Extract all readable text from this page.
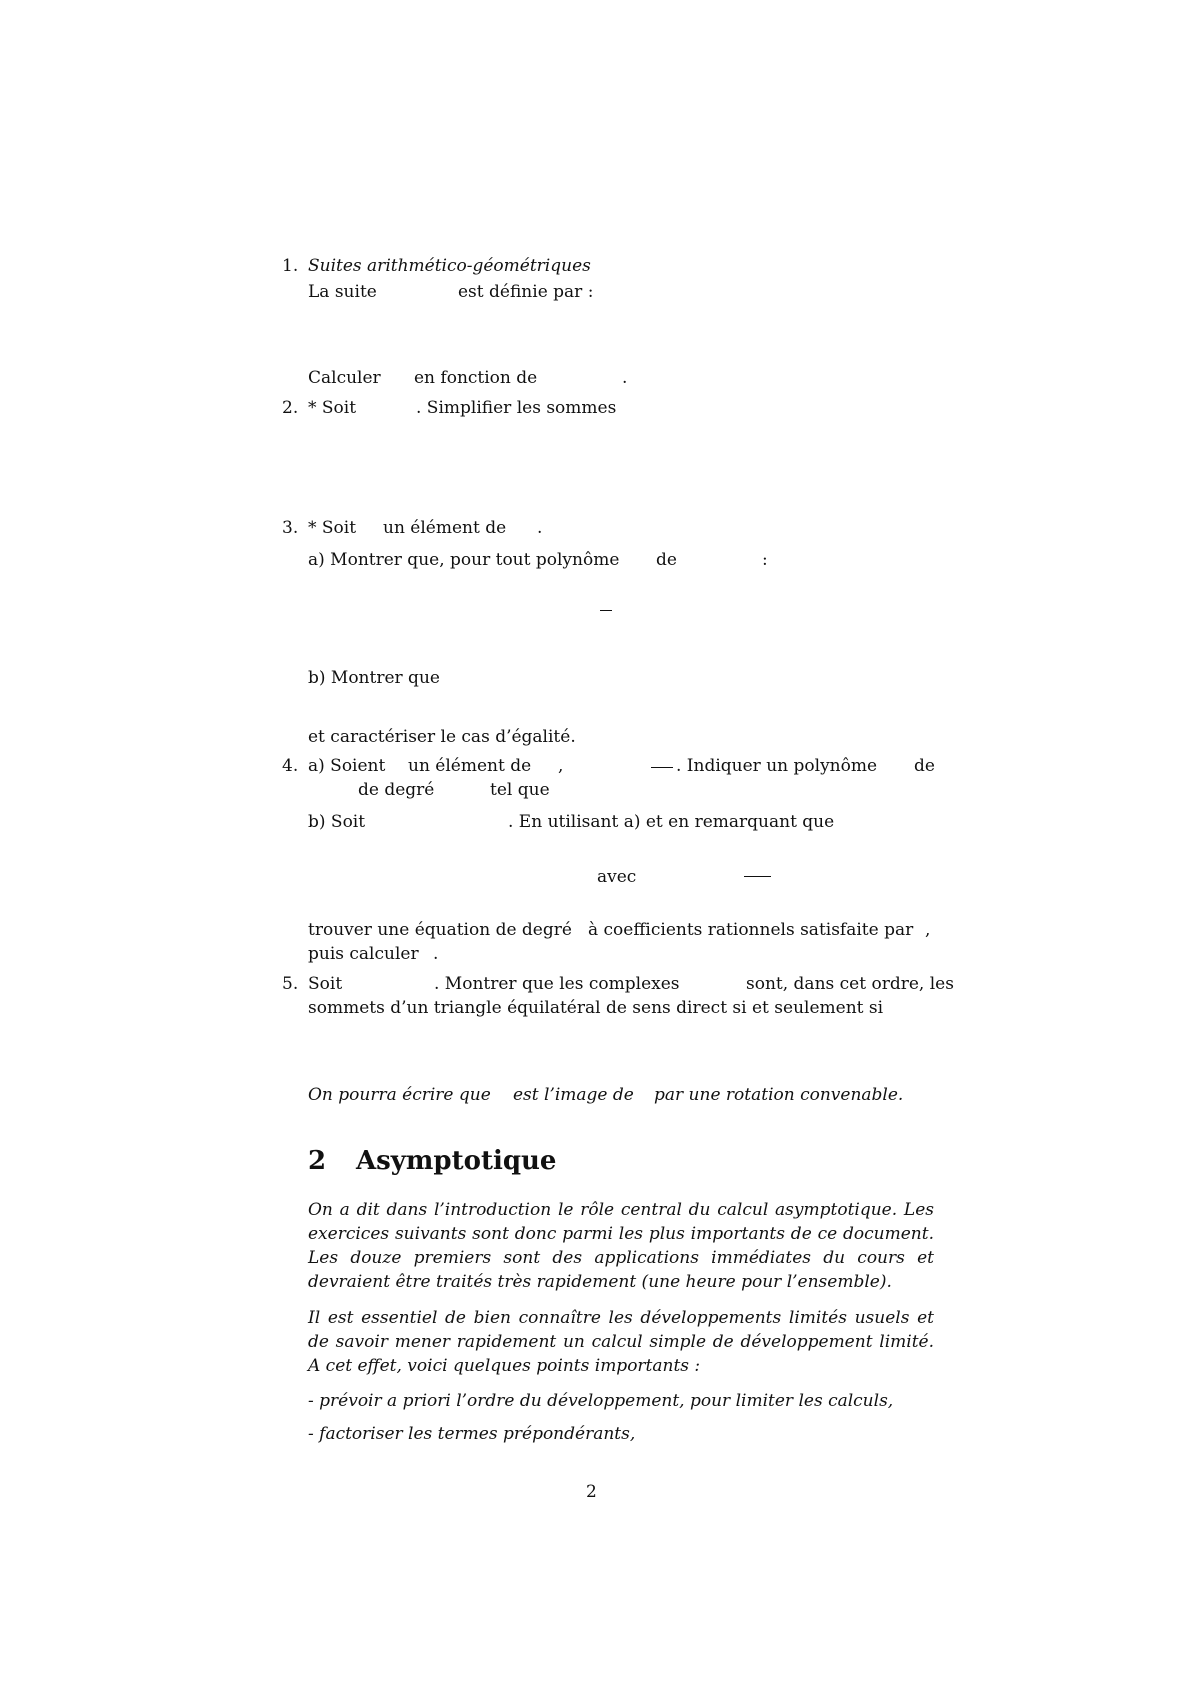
1. Suites arithmético-géométriques
La suite	est définie par :
Calculer en fonction de	.
2. * Soit	. Simplifier les sommes
3. * Soit un élément de .
a) Montrer que, pour tout polynôme de	:
b) Montrer que
et caractériser le cas d’égalité.
4. a) Soient un élément de ,	. Indiquer un polynôme de
de degré	tel que
b) Soit	. En utilisant a) et en remarquant que
avec
trouver une équation de degré à coefficients rationnels satisfaite par ,
puis calculer .
5. Soit	. Montrer que les complexes	sont, dans cet ordre, les
sommets d’un triangle équilatéral de sens direct si et seulement si
On pourra écrire que est l’image de par une rotation convenable.
2 Asymptotique
On a dit dans l’introduction le rôle central du calcul asymptotique. Les exercices suivants sont donc parmi les plus importants de ce document. Les douze premiers sont des applications immédiates du cours et devraient être traités très rapidement (une heure pour l’ensemble).
Il est essentiel de bien connaître les développements limités usuels et de savoir mener rapidement un calcul simple de développement limité. A cet effet, voici quelques points importants :
- prévoir a priori l’ordre du développement, pour limiter les calculs,
- factoriser les termes prépondérants,
2
